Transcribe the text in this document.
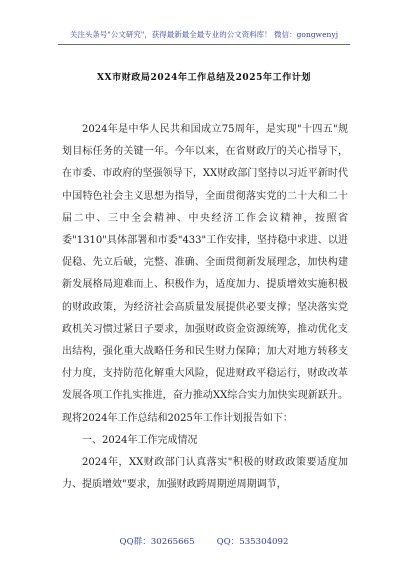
关注头条号"公文研究"，获得最新最全最专业的公文资料库！ 微信：gongwenyj
XX市财政局2024年工作总结及2025年工作计划

2024年是中华人民共和国成立75周年，是实现"十四五"规划目标任务的关键一年。今年以来，在省财政厅的关心指导下，在市委、市政府的坚强领导下，XX财政部门坚持以习近平新时代中国特色社会主义思想为指导，全面贯彻落实党的二十大和二十届二中、三中全会精神、中央经济工作会议精神，按照省委"1310"具体部署和市委"433"工作安排，坚持稳中求进、以进促稳、先立后破，完整、准确、全面贯彻新发展理念，加快构建新发展格局迎难而上、积极作为，适度加力、提质增效实施积极的财政政策，为经济社会高质量发展提供必要支撑；坚决落实党政机关习惯过紧日子要求，加强财政资金资源统筹，推动优化支出结构，强化重大战略任务和民生财力保障；加大对地方转移支付力度，支持防范化解重大风险，促进财政平稳运行，财政改革发展各项工作扎实推进，奋力推动XX综合实力加快实现新跃升。现将2024年工作总结和2025年工作计划报告如下：

一、2024年工作完成情况

2024年，XX财政部门认真落实"积极的财政政策要适度加力、提质增效"要求，加强财政跨周期逆周期调节，

QQ群：30265665	QQ：535304092
